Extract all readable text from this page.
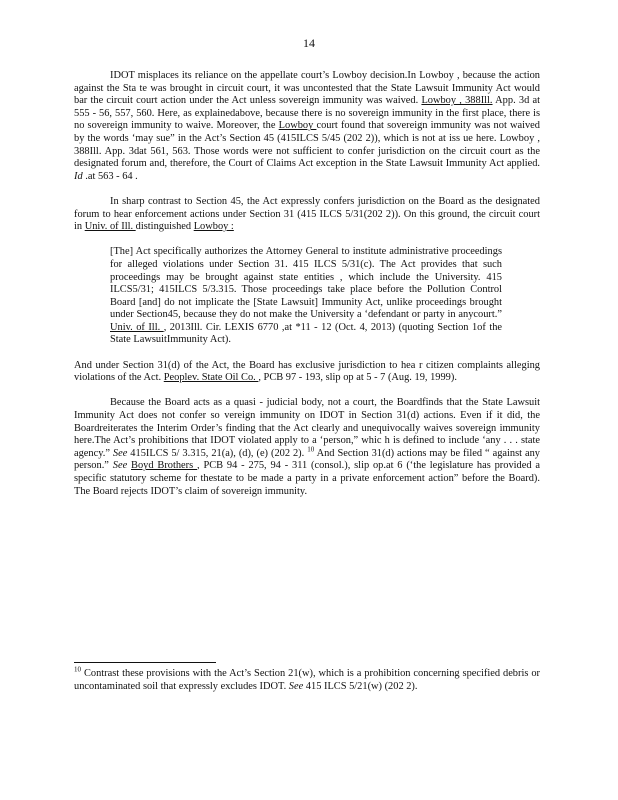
14

IDOT misplaces its reliance on the appellate court’s Lowboy decision.In Lowboy , because the action against the Sta te was brought in circuit court, it was uncontested that the State Lawsuit Immunity Act would bar the circuit court action under the Act unless sovereign immunity was waived. Lowboy , 388Ill. App. 3d at 555 - 56, 557, 560. Here, as explainedabove, because there is no sovereign immunity in the first place, there is no sovereign immunity to waive. Moreover, the Lowboy court found that sovereign immunity was not waived by the words ‘may sue” in the Act’s Section 45 (415ILCS 5/45 (202 2)), which is not at iss ue here. Lowboy , 388Ill. App. 3dat 561, 563. Those words were not sufficient to confer jurisdiction on the circuit court as the designated forum and, therefore, the Court of Claims Act exception in the State Lawsuit Immunity Act applied. Id .at 563 - 64 .

In sharp contrast to Section 45, the Act expressly confers jurisdiction on the Board as the designated forum to hear enforcement actions under Section 31 (415 ILCS 5/31(202 2)). On this ground, the circuit court in Univ. of Ill. distinguished Lowboy :

[The] Act specifically authorizes the Attorney General to institute administrative proceedings for alleged violations under Section 31. 415 ILCS 5/31(c). The Act provides that such proceedings may be brought against state entities , which include the University. 415 ILCS5/31; 415ILCS 5/3.315. Those proceedings take place before the Pollution Control Board [and] do not implicate the [State Lawsuit] Immunity Act, unlike proceedings brought under Section45, because they do not make the University a ‘defendant or party in anycourt.” Univ. of Ill. , 2013Ill. Cir. LEXIS 6770 ,at *11 - 12 (Oct. 4, 2013) (quoting Section 1of the State LawsuitImmunity Act).

And under Section 31(d) of the Act, the Board has exclusive jurisdiction to hea r citizen complaints alleging violations of the Act. Peoplev. State Oil Co. , PCB 97 - 193, slip op at 5 - 7 (Aug. 19, 1999).

Because the Board acts as a quasi - judicial body, not a court, the Boardfinds that the State Lawsuit Immunity Act does not confer so vereign immunity on IDOT in Section 31(d) actions. Even if it did, the Boardreiterates the Interim Order’s finding that the Act clearly and unequivocally waives sovereign immunity here.The Act’s prohibitions that IDOT violated apply to a ‘person,” whic h is defined to include ‘any . . . state agency.” See 415ILCS 5/ 3.315, 21(a), (d), (e) (202 2). $^{10}$ And Section 31(d) actions may be filed “ against any person.” See Boyd Brothers , PCB 94 - 275, 94 - 311 (consol.), slip op.at 6 (‘the legislature has provided a specific statutory scheme for thestate to be made a party in a private enforcement action” before the Board). The Board rejects IDOT’s claim of sovereign immunity.

$^{10}$ Contrast these provisions with the Act’s Section 21(w), which is a prohibition concerning specified debris or uncontaminated soil that expressly excludes IDOT. See 415 ILCS 5/21(w) (202 2).
